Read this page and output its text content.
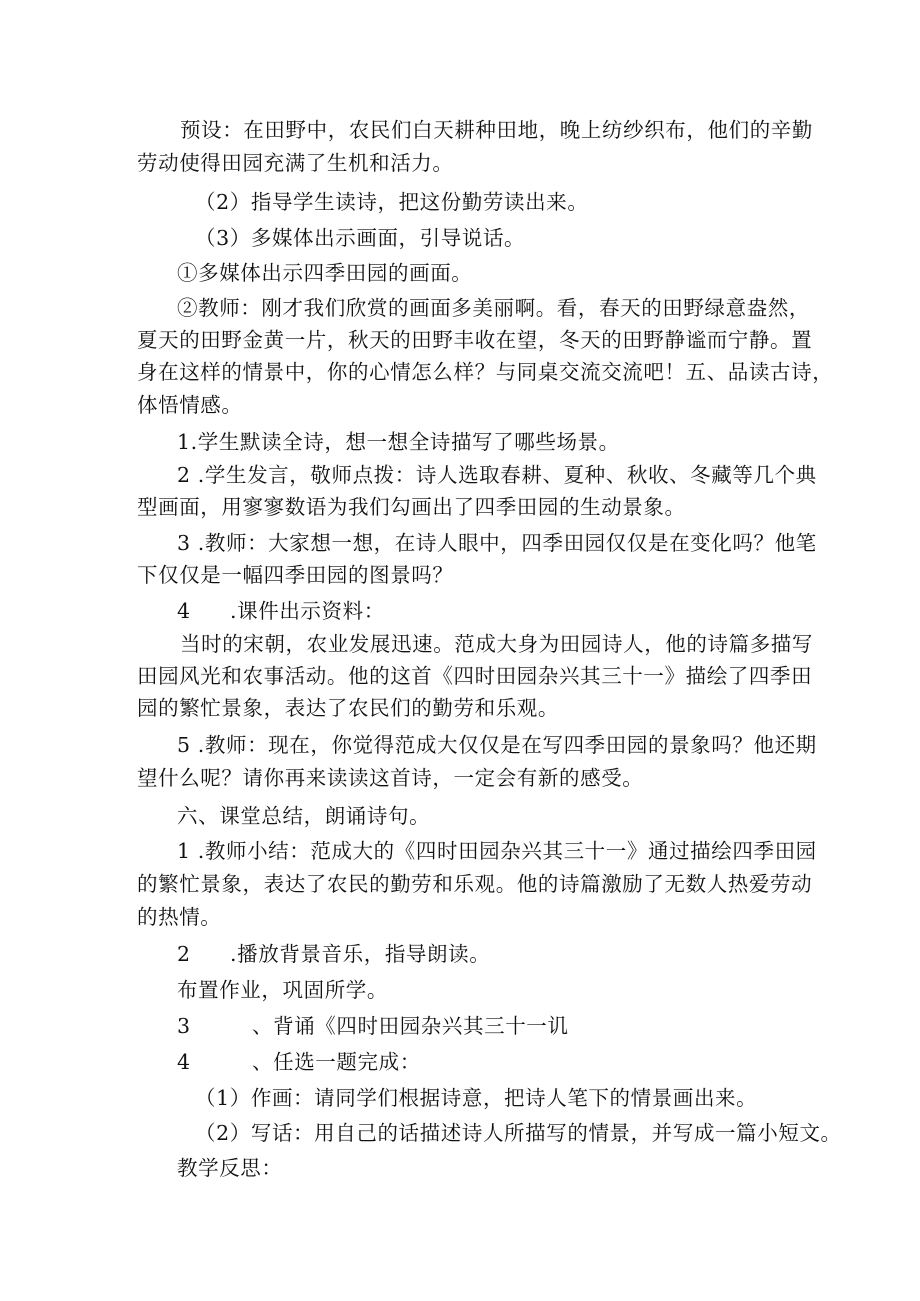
预设：在田野中，农民们白天耕种田地，晚上纺纱织布，他们的辛勤
劳动使得田园充满了生机和活力。
（2）指导学生读诗，把这份勤劳读出来。
（3）多媒体出示画面，引导说话。
①多媒体出示四季田园的画面。
②教师：刚才我们欣赏的画面多美丽啊。看，春天的田野绿意盎然，
夏天的田野金黄一片，秋天的田野丰收在望，冬天的田野静谧而宁静。置
身在这样的情景中，你的心情怎么样？与同桌交流交流吧！五、品读古诗，
体悟情感。
1.学生默读全诗，想一想全诗描写了哪些场景。
2 .学生发言，敬师点拨：诗人选取春耕、夏种、秋收、冬藏等几个典
型画面，用寥寥数语为我们勾画出了四季田园的生动景象。
3 .教师：大家想一想，在诗人眼中，四季田园仅仅是在变化吗？他笔
下仅仅是一幅四季田园的图景吗？
4 .课件出示资料：
当时的宋朝，农业发展迅速。范成大身为田园诗人，他的诗篇多描写
田园风光和农事活动。他的这首《四时田园杂兴其三十一》描绘了四季田
园的繁忙景象，表达了农民们的勤劳和乐观。
5 .教师：现在，你觉得范成大仅仅是在写四季田园的景象吗？他还期
望什么呢？请你再来读读这首诗，一定会有新的感受。
六、课堂总结，朗诵诗句。
1 .教师小结：范成大的《四时田园杂兴其三十一》通过描绘四季田园
的繁忙景象，表达了农民的勤劳和乐观。他的诗篇激励了无数人热爱劳动
的热情。
2 .播放背景音乐，指导朗读。
布置作业，巩固所学。
3	、背诵《四时田园杂兴其三十一讥
4	、任选一题完成：
（1）作画：请同学们根据诗意，把诗人笔下的情景画出来。
（2）写话：用自己的话描述诗人所描写的情景，并写成一篇小短文。
教学反思：
